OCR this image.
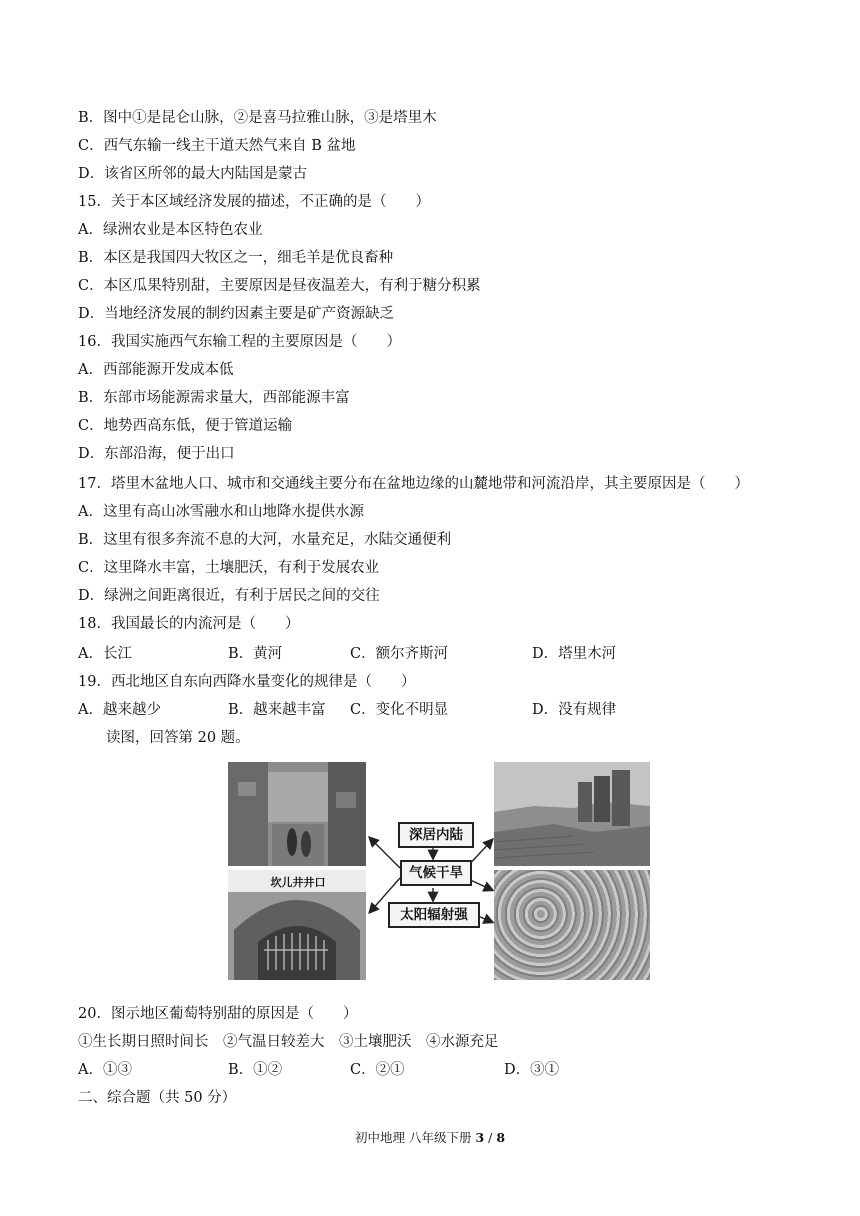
B．图中①是昆仑山脉，②是喜马拉雅山脉，③是塔里木
C．西气东输一线主干道天然气来自 B 盆地
D．该省区所邻的最大内陆国是蒙古
15．关于本区域经济发展的描述，不正确的是（　　）
A．绿洲农业是本区特色农业
B．本区是我国四大牧区之一，细毛羊是优良畜种
C．本区瓜果特别甜，主要原因是昼夜温差大，有利于糖分积累
D．当地经济发展的制约因素主要是矿产资源缺乏
16．我国实施西气东输工程的主要原因是（　　）
A．西部能源开发成本低
B．东部市场能源需求量大，西部能源丰富
C．地势西高东低，便于管道运输
D．东部沿海，便于出口
17．塔里木盆地人口、城市和交通线主要分布在盆地边缘的山麓地带和河流沿岸，其主要原因是（　　）
A．这里有高山冰雪融水和山地降水提供水源
B．这里有很多奔流不息的大河，水量充足，水陆交通便利
C．这里降水丰富，土壤肥沃，有利于发展农业
D．绿洲之间距离很近，有利于居民之间的交往
18．我国最长的内流河是（　　）
A．长江	B．黄河	C．额尔齐斯河	D．塔里木河
19．西北地区自东向西降水量变化的规律是（　　）
A．越来越少	B．越来越丰富 C．变化不明显	D．没有规律
读图，回答第 20 题。
坎儿井井口
深居内陆
气候干旱
太阳辐射强
20．图示地区葡萄特别甜的原因是（　　）
①生长期日照时间长　②气温日较差大　③土壤肥沃　④水源充足
A．①③	B．①②	C．②①	D．③①
二、综合题（共 50 分）
初中地理 八年级下册 3 / 8
